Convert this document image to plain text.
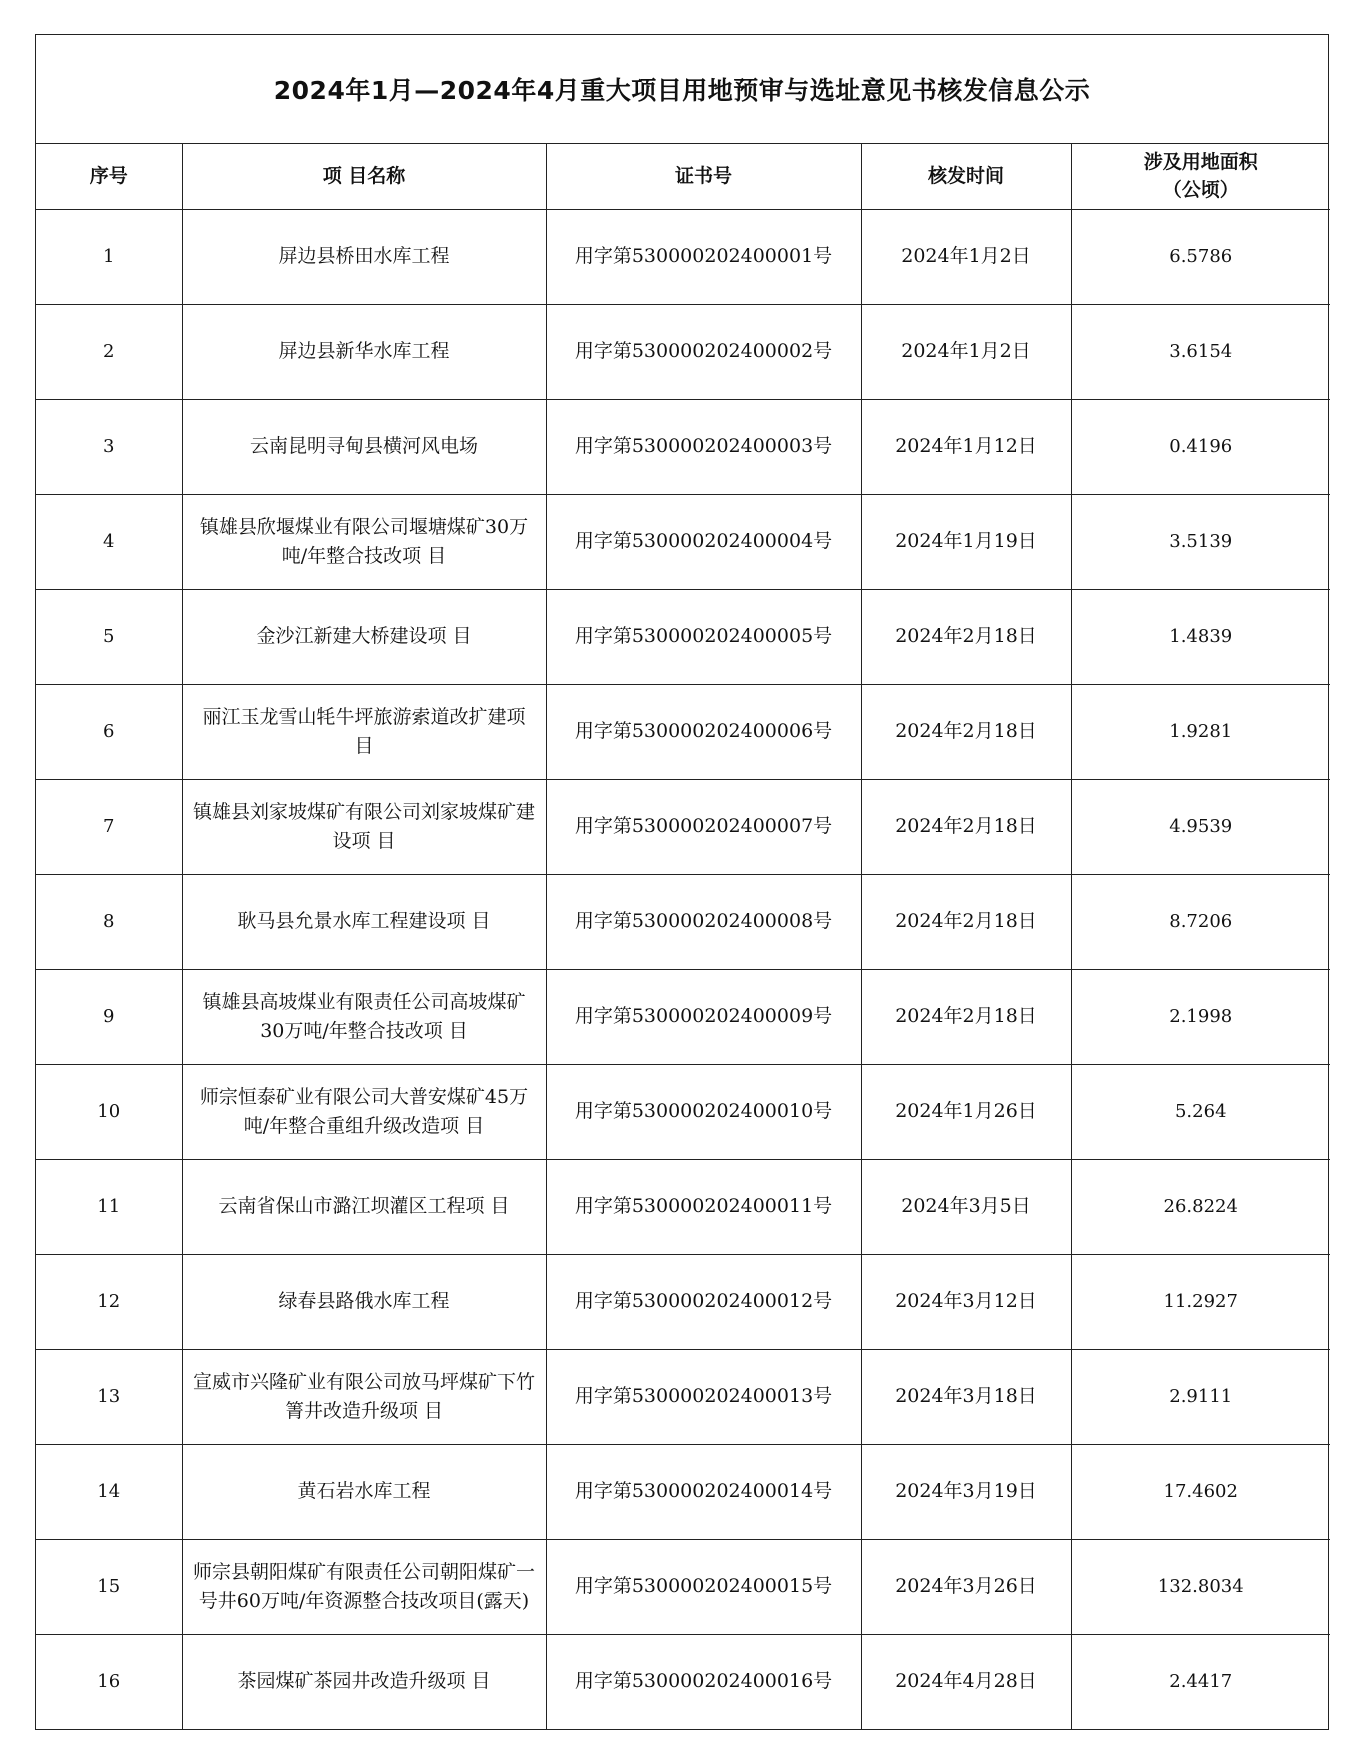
2024年1月—2024年4月重大项目用地预审与选址意见书核发信息公示
序号	项 目名称	证书号	核发时间	涉及用地面积
（公顷）

1	屏边县桥田水库工程	用字第530000202400001号	2024年1月2日	6.5786
2	屏边县新华水库工程	用字第530000202400002号	2024年1月2日	3.6154
3	云南昆明寻甸县横河风电场	用字第530000202400003号	2024年1月12日	0.4196
4	镇雄县欣堰煤业有限公司堰塘煤矿30万吨/年整合技改项 目	用字第530000202400004号	2024年1月19日	3.5139
5	金沙江新建大桥建设项 目	用字第530000202400005号	2024年2月18日	1.4839
6	丽江玉龙雪山牦牛坪旅游索道改扩建项 目	用字第530000202400006号	2024年2月18日	1.9281
7	镇雄县刘家坡煤矿有限公司刘家坡煤矿建设项 目	用字第530000202400007号	2024年2月18日	4.9539
8	耿马县允景水库工程建设项 目	用字第530000202400008号	2024年2月18日	8.7206
9	镇雄县高坡煤业有限责任公司高坡煤矿30万吨/年整合技改项 目	用字第530000202400009号	2024年2月18日	2.1998
10	师宗恒泰矿业有限公司大普安煤矿45万吨/年整合重组升级改造项 目	用字第530000202400010号	2024年1月26日	5.264
11	云南省保山市潞江坝灌区工程项 目	用字第530000202400011号	2024年3月5日	26.8224
12	绿春县路俄水库工程	用字第530000202400012号	2024年3月12日	11.2927
13	宣威市兴隆矿业有限公司放马坪煤矿下竹箐井改造升级项 目	用字第530000202400013号	2024年3月18日	2.9111
14	黄石岩水库工程	用字第530000202400014号	2024年3月19日	17.4602
15	师宗县朝阳煤矿有限责任公司朝阳煤矿一号井60万吨/年资源整合技改项目(露天)	用字第530000202400015号	2024年3月26日	132.8034
16	茶园煤矿茶园井改造升级项 目	用字第530000202400016号	2024年4月28日	2.4417
